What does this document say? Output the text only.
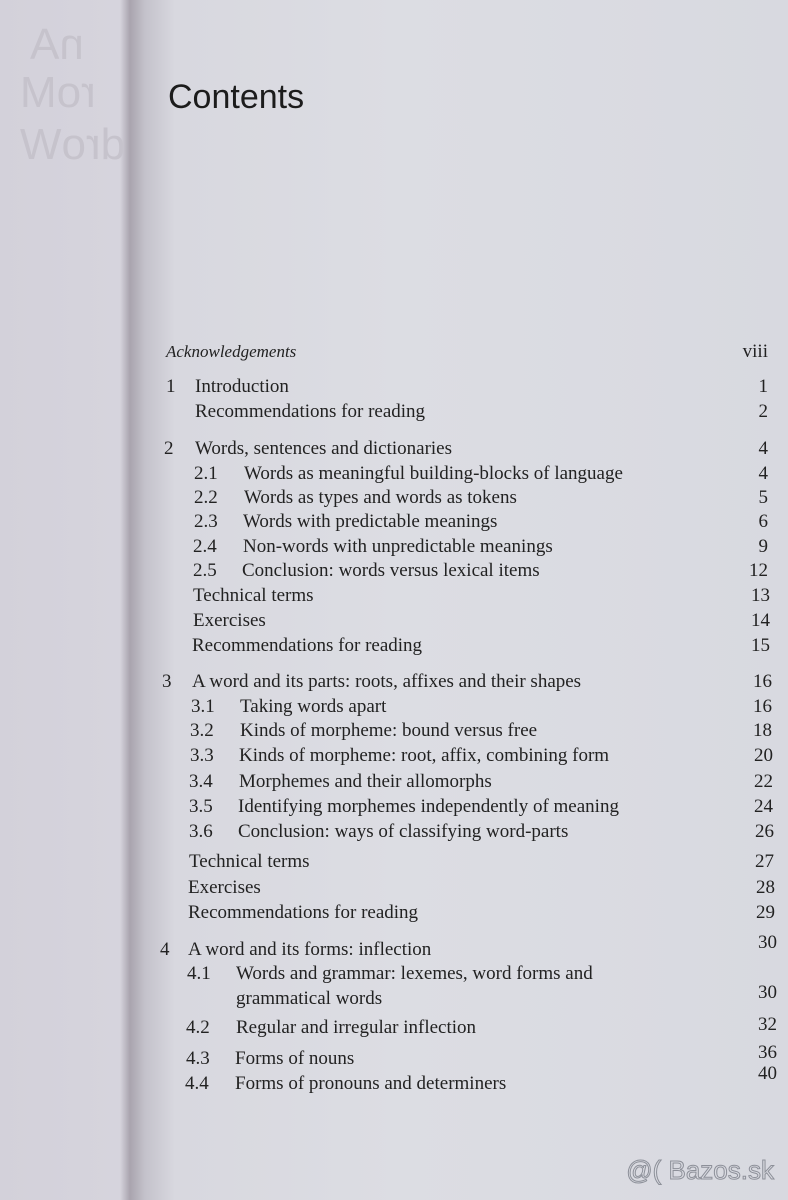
nA
roM
droW
Contents
Acknowledgements	viii
1 Introduction	1
Recommendations for reading	2
2 Words, sentences and dictionaries	4
2.1 Words as meaningful building-blocks of language	4
2.2 Words as types and words as tokens	5
2.3 Words with predictable meanings	6
2.4 Non-words with unpredictable meanings	9
2.5 Conclusion: words versus lexical items	12
Technical terms	13
Exercises	14
Recommendations for reading	15
3 A word and its parts: roots, affixes and their shapes	16
3.1 Taking words apart	16
3.2 Kinds of morpheme: bound versus free	18
3.3 Kinds of morpheme: root, affix, combining form	20
3.4 Morphemes and their allomorphs	22
3.5 Identifying morphemes independently of meaning	24
3.6 Conclusion: ways of classifying word-parts	26
Technical terms	27
Exercises	28
Recommendations for reading	29
4 A word and its forms: inflection	30
4.1 Words and grammar: lexemes, word forms and
grammatical words	30
4.2 Regular and irregular inflection	32
4.3 Forms of nouns	36
4.4 Forms of pronouns and determiners	40
@( Bazos.sk
